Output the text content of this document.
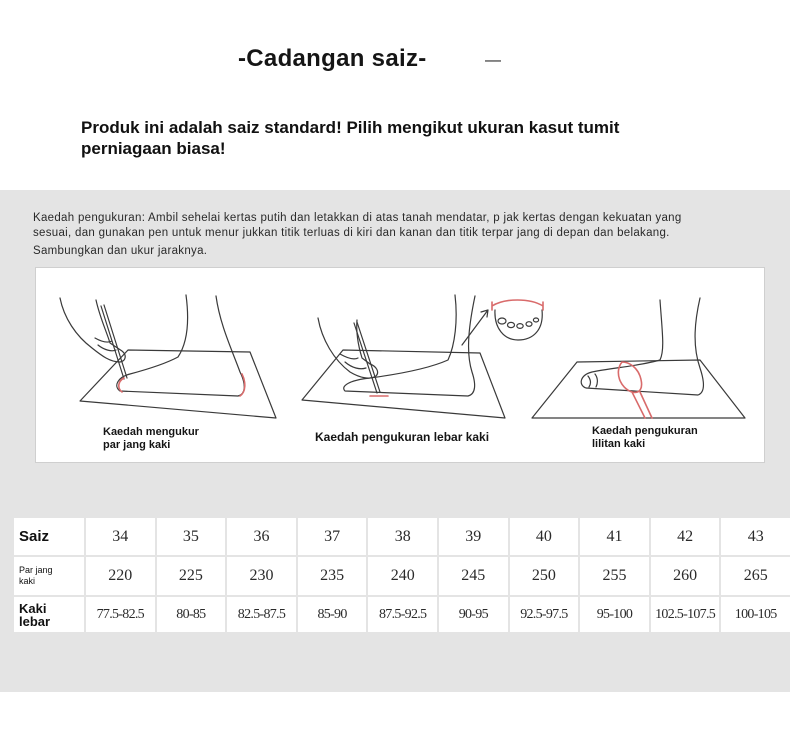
-Cadangan saiz-	—
Produk ini adalah saiz standard! Pilih mengikut ukuran kasut tumit
perniagaan biasa!
Kaedah pengukuran: Ambil sehelai kertas putih dan letakkan di atas tanah mendatar, p jak kertas dengan kekuatan yang
sesuai, dan gunakan pen untuk menur jukkan titik terluas di kiri dan kanan dan titik terpar jang di depan dan belakang.
Sambungkan dan ukur jaraknya.
Kaedah mengukur
par jang kaki
Kaedah pengukuran lebar kaki	Kaedah pengukuran
lilitan kaki
Saiz	34	35	36	37	38	39	40	41	42	43
Par jang
kaki	220	225	230	235	240	245	250	255	260	265
Kaki
lebar	77.5-82.5	80-85	82.5-87.5	85-90	87.5-92.5	90-95	92.5-97.5	95-100	102.5-107.5	100-105
